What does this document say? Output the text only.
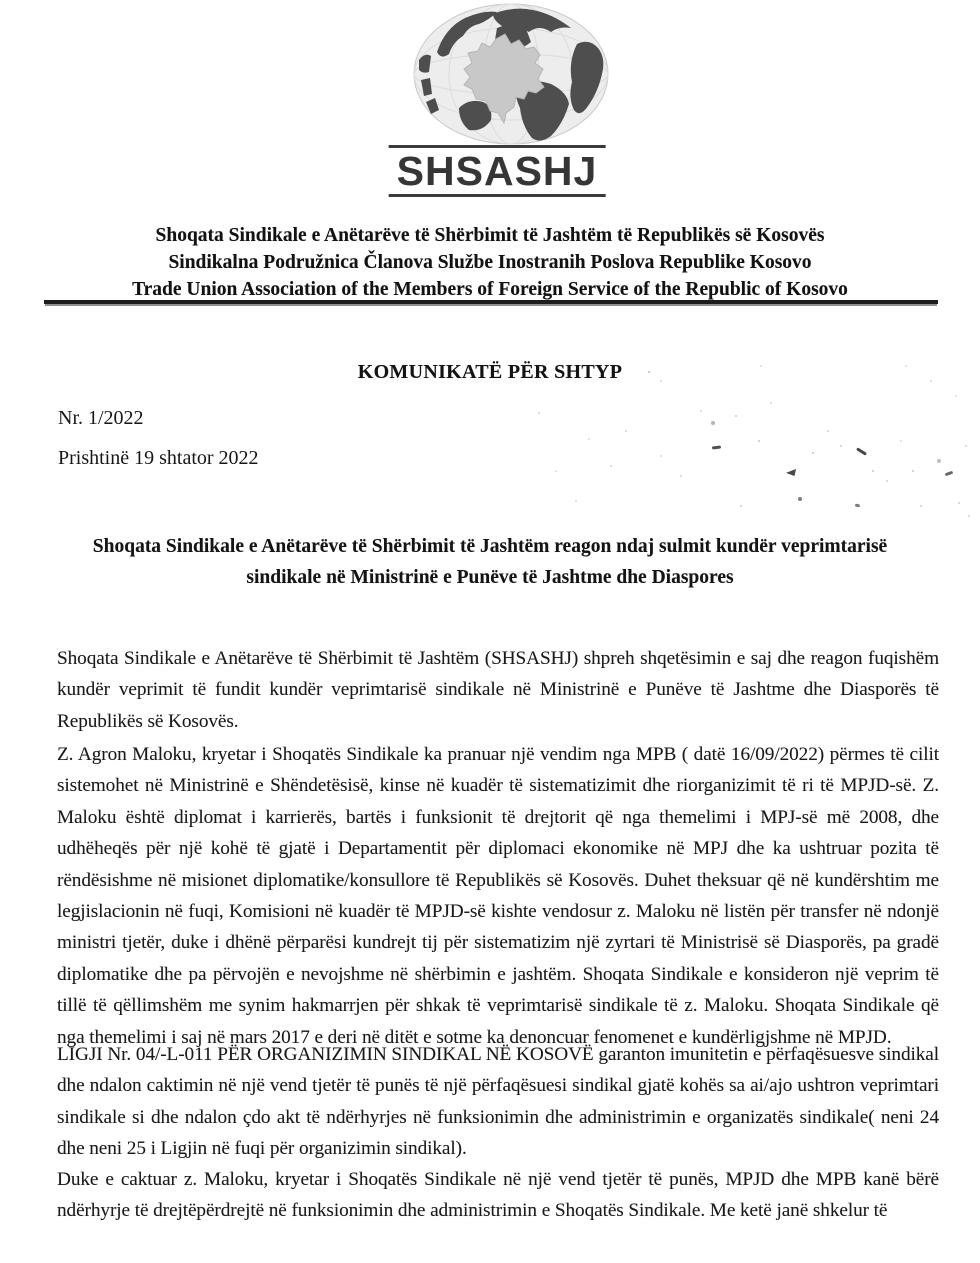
SHSASHJ
Shoqata Sindikale e Anëtarëve të Shërbimit të Jashtëm të Republikës së Kosovës
Sindikalna Podružnica Članova Službe Inostranih Poslova Republike Kosovo
Trade Union Association of the Members of Foreign Service of the Republic of Kosovo
KOMUNIKATË PËR SHTYP
Nr. 1/2022
Prishtinë 19 shtator 2022
Shoqata Sindikale e Anëtarëve të Shërbimit të Jashtëm reagon ndaj sulmit kundër veprimtarisë
sindikale në Ministrinë e Punëve të Jashtme dhe Diaspores

Shoqata Sindikale e Anëtarëve të Shërbimit të Jashtëm (SHSASHJ) shpreh shqetësimin e saj dhe reagon fuqishëm kundër veprimit të fundit kundër veprimtarisë sindikale në Ministrinë e Punëve të Jashtme dhe Diasporës të Republikës së Kosovës.

Z. Agron Maloku, kryetar i Shoqatës Sindikale ka pranuar një vendim nga MPB ( datë 16/09/2022) përmes të cilit sistemohet në Ministrinë e Shëndetësisë, kinse në kuadër të sistematizimit dhe riorganizimit të ri të MPJD-së. Z. Maloku është diplomat i karrierës, bartës i funksionit të drejtorit që nga themelimi i MPJ-së më 2008, dhe udhëheqës për një kohë të gjatë i Departamentit për diplomaci ekonomike në MPJ dhe ka ushtruar pozita të rëndësishme në misionet diplomatike/konsullore të Republikës së Kosovës. Duhet theksuar që në kundërshtim me legjislacionin në fuqi, Komisioni në kuadër të MPJD-së kishte vendosur z. Maloku në listën për transfer në ndonjë ministri tjetër, duke i dhënë përparësi kundrejt tij për sistematizim një zyrtari të Ministrisë së Diasporës, pa gradë diplomatike dhe pa përvojën e nevojshme në shërbimin e jashtëm. Shoqata Sindikale e konsideron një veprim të tillë të qëllimshëm me synim hakmarrjen për shkak të veprimtarisë sindikale të z. Maloku. Shoqata Sindikale që nga themelimi i saj në mars 2017 e deri në ditët e sotme ka denoncuar fenomenet e kundërligjshme në MPJD.

LIGJI Nr. 04/-L-011 PËR ORGANIZIMIN SINDIKAL NË KOSOVË garanton imunitetin e përfaqësuesve sindikal dhe ndalon caktimin në një vend tjetër të punës të një përfaqësuesi sindikal gjatë kohës sa ai/ajo ushtron veprimtari sindikale si dhe ndalon çdo akt të ndërhyrjes në funksionimin dhe administrimin e organizatës sindikale( neni 24 dhe neni 25 i Ligjin në fuqi për organizimin sindikal).

Duke e caktuar z. Maloku, kryetar i Shoqatës Sindikale në një vend tjetër të punës, MPJD dhe MPB kanë bërë ndërhyrje të drejtëpërdrejtë në funksionimin dhe administrimin e Shoqatës Sindikale. Me ketë janë shkelur të
